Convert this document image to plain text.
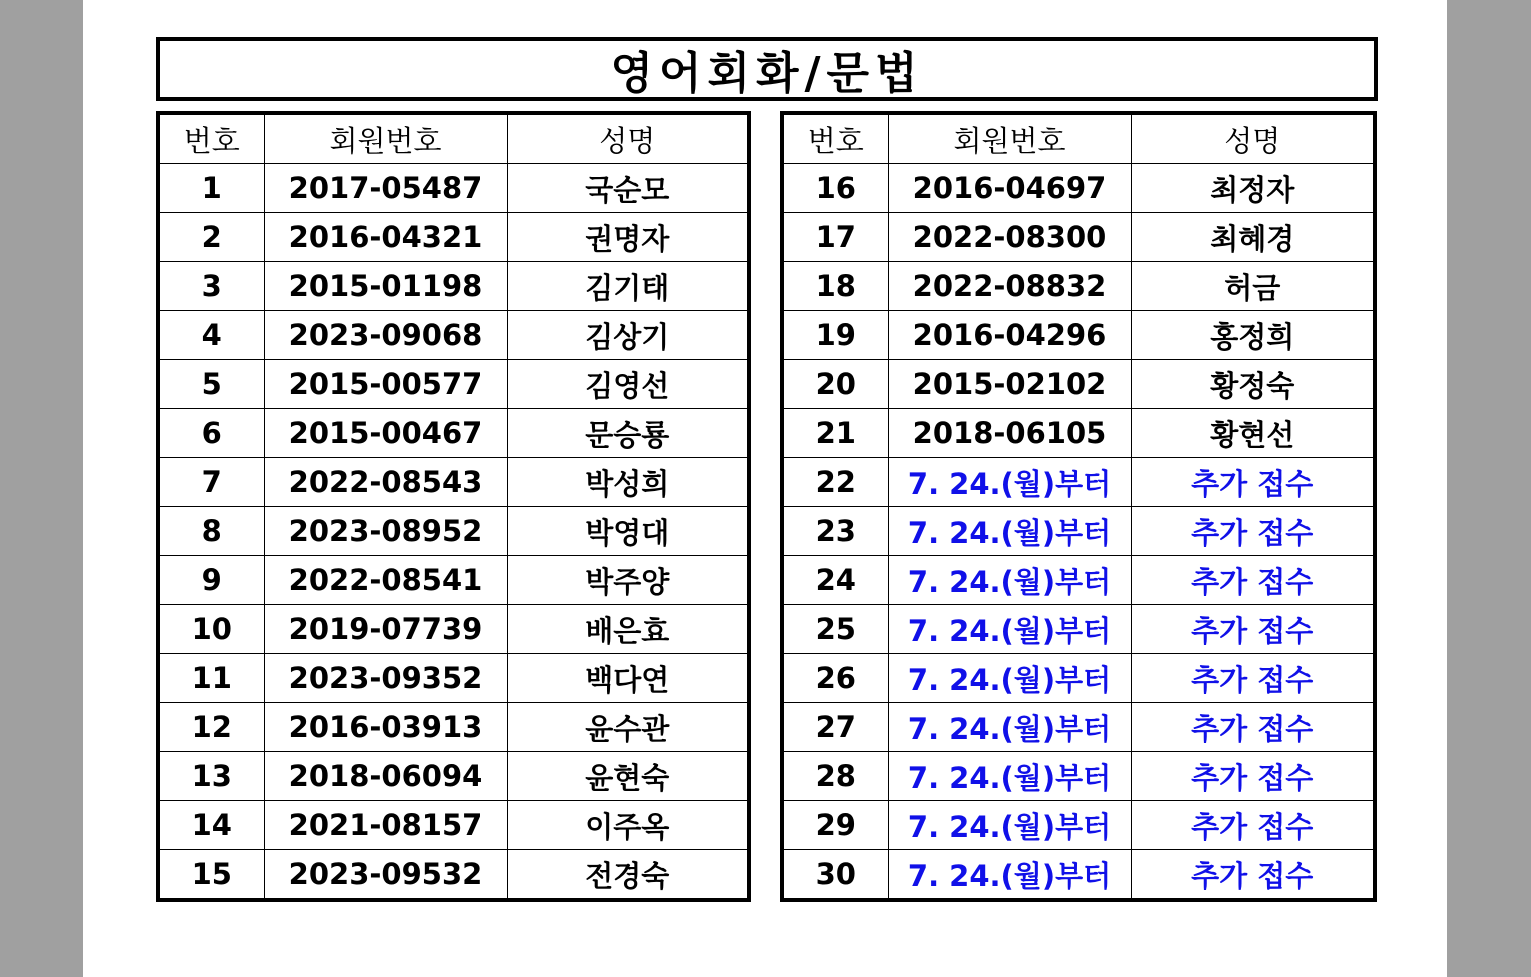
영어회화/문법
번호	회원번호	성명
1	2017-05487	국순모
2	2016-04321	권명자
3	2015-01198	김기태
4	2023-09068	김상기
5	2015-00577	김영선
6	2015-00467	문승룡
7	2022-08543	박성희
8	2023-08952	박영대
9	2022-08541	박주양
10	2019-07739	배은효
11	2023-09352	백다연
12	2016-03913	윤수관
13	2018-06094	윤현숙
14	2021-08157	이주옥
15	2023-09532	전경숙
번호	회원번호	성명
16	2016-04697	최정자
17	2022-08300	최혜경
18	2022-08832	허금
19	2016-04296	홍정희
20	2015-02102	황정숙
21	2018-06105	황현선
22	7. 24.(월)부터	추가 접수
23	7. 24.(월)부터	추가 접수
24	7. 24.(월)부터	추가 접수
25	7. 24.(월)부터	추가 접수
26	7. 24.(월)부터	추가 접수
27	7. 24.(월)부터	추가 접수
28	7. 24.(월)부터	추가 접수
29	7. 24.(월)부터	추가 접수
30	7. 24.(월)부터	추가 접수
